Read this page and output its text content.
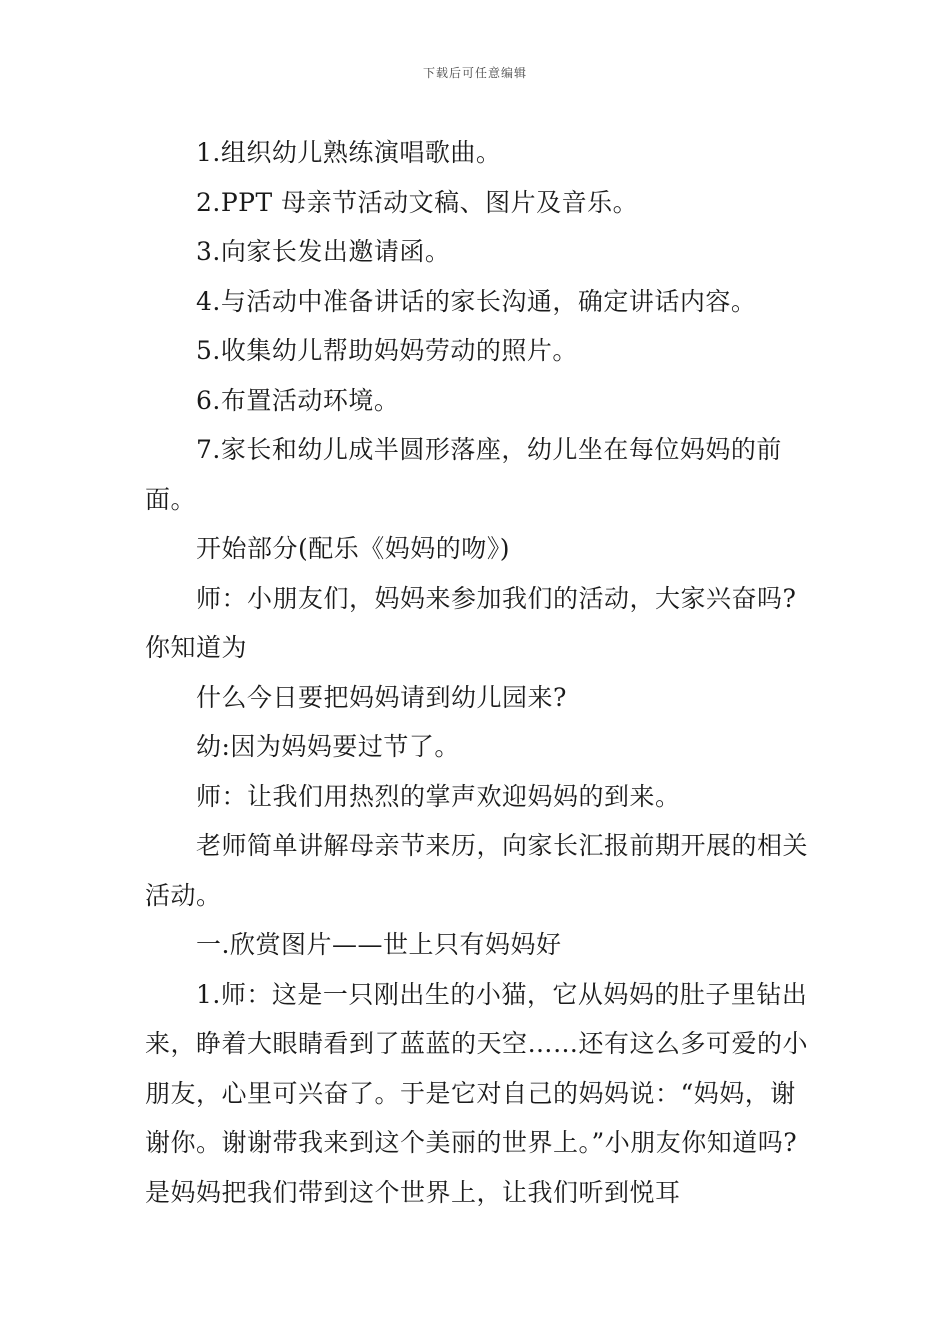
下载后可任意编辑

1.组织幼儿熟练演唱歌曲。

2.PPT 母亲节活动文稿、图片及音乐。

3.向家长发出邀请函。

4.与活动中准备讲话的家长沟通，确定讲话内容。

5.收集幼儿帮助妈妈劳动的照片。

6.布置活动环境。

7.家长和幼儿成半圆形落座，幼儿坐在每位妈妈的前面。

开始部分(配乐《妈妈的吻》)

师：小朋友们，妈妈来参加我们的活动，大家兴奋吗?你知道为

什么今日要把妈妈请到幼儿园来?

幼:因为妈妈要过节了。

师：让我们用热烈的掌声欢迎妈妈的到来。

老师简单讲解母亲节来历，向家长汇报前期开展的相关活动。

一.欣赏图片——世上只有妈妈好

1.师：这是一只刚出生的小猫，它从妈妈的肚子里钻出来，睁着大眼睛看到了蓝蓝的天空……还有这么多可爱的小朋友，心里可兴奋了。于是它对自己的妈妈说：“妈妈，谢谢你。谢谢带我来到这个美丽的世界上。”小朋友你知道吗?是妈妈把我们带到这个世界上，让我们听到悦耳
